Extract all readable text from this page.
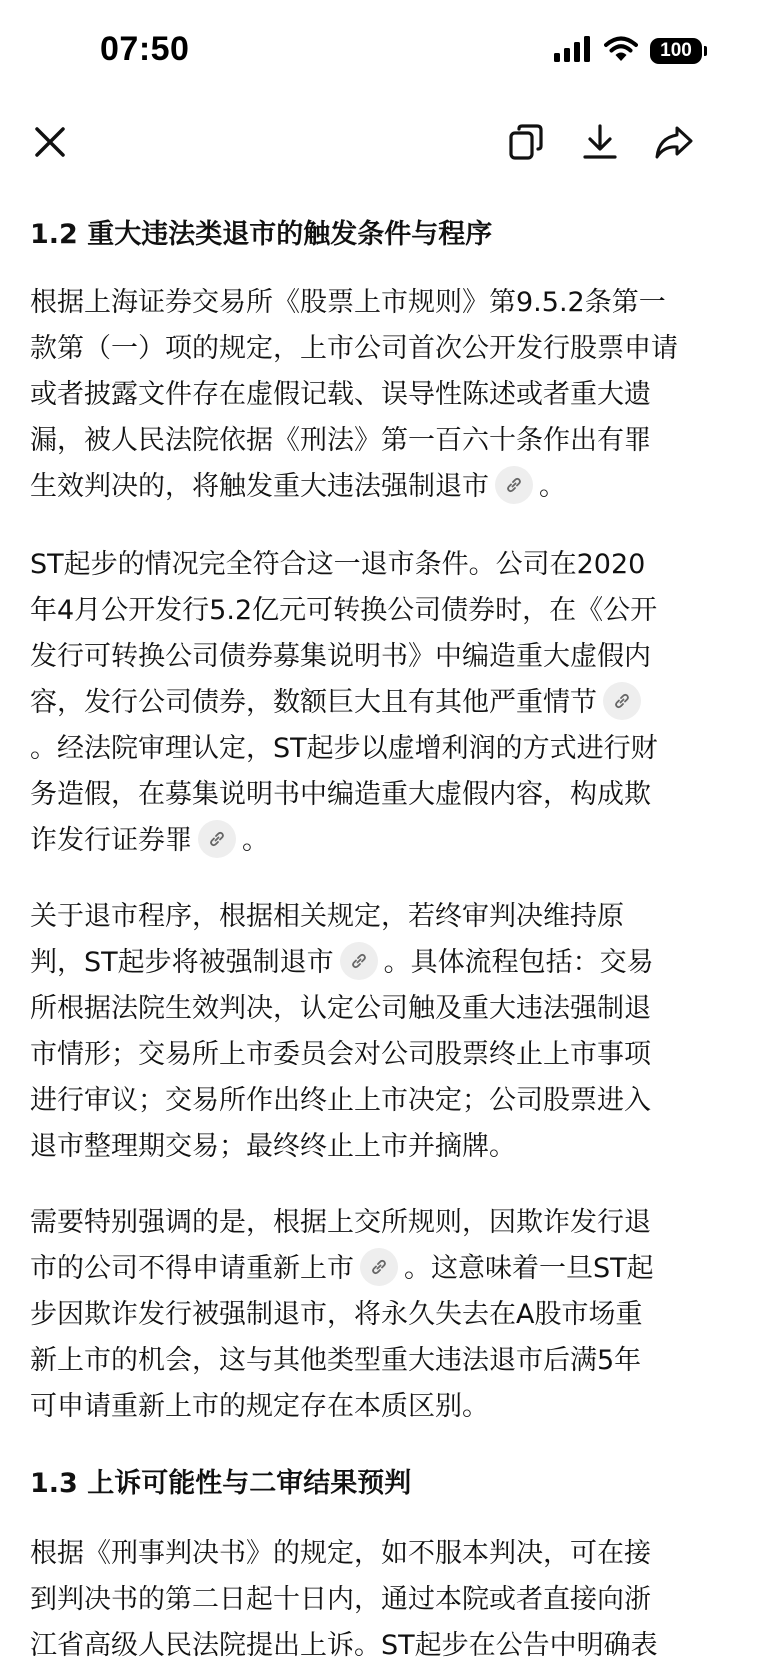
07:50	100
1.2 重大违法类退市的触发条件与程序

根据上海证券交易所《股票上市规则》第9.5.2条第一
款第（一）项的规定，上市公司首次公开发行股票申请
或者披露文件存在虚假记载、误导性陈述或者重大遗
漏，被人民法院依据《刑法》第一百六十条作出有罪
生效判决的，将触发重大违法强制退市 。

ST起步的情况完全符合这一退市条件。公司在2020
年4月公开发行5.2亿元可转换公司债券时，在《公开
发行可转换公司债券募集说明书》中编造重大虚假内
容，发行公司债券，数额巨大且有其他严重情节
。经法院审理认定，ST起步以虚增利润的方式进行财
务造假，在募集说明书中编造重大虚假内容，构成欺
诈发行证券罪 。

关于退市程序，根据相关规定，若终审判决维持原
判，ST起步将被强制退市 。具体流程包括：交易
所根据法院生效判决，认定公司触及重大违法强制退
市情形；交易所上市委员会对公司股票终止上市事项
进行审议；交易所作出终止上市决定；公司股票进入
退市整理期交易；最终终止上市并摘牌。

需要特别强调的是，根据上交所规则，因欺诈发行退
市的公司不得申请重新上市 。这意味着一旦ST起
步因欺诈发行被强制退市，将永久失去在A股市场重
新上市的机会，这与其他类型重大违法退市后满5年
可申请重新上市的规定存在本质区别。

1.3 上诉可能性与二审结果预判

根据《刑事判决书》的规定，如不服本判决，可在接
到判决书的第二日起十日内，通过本院或者直接向浙
江省高级人民法院提出上诉。ST起步在公告中明确表
